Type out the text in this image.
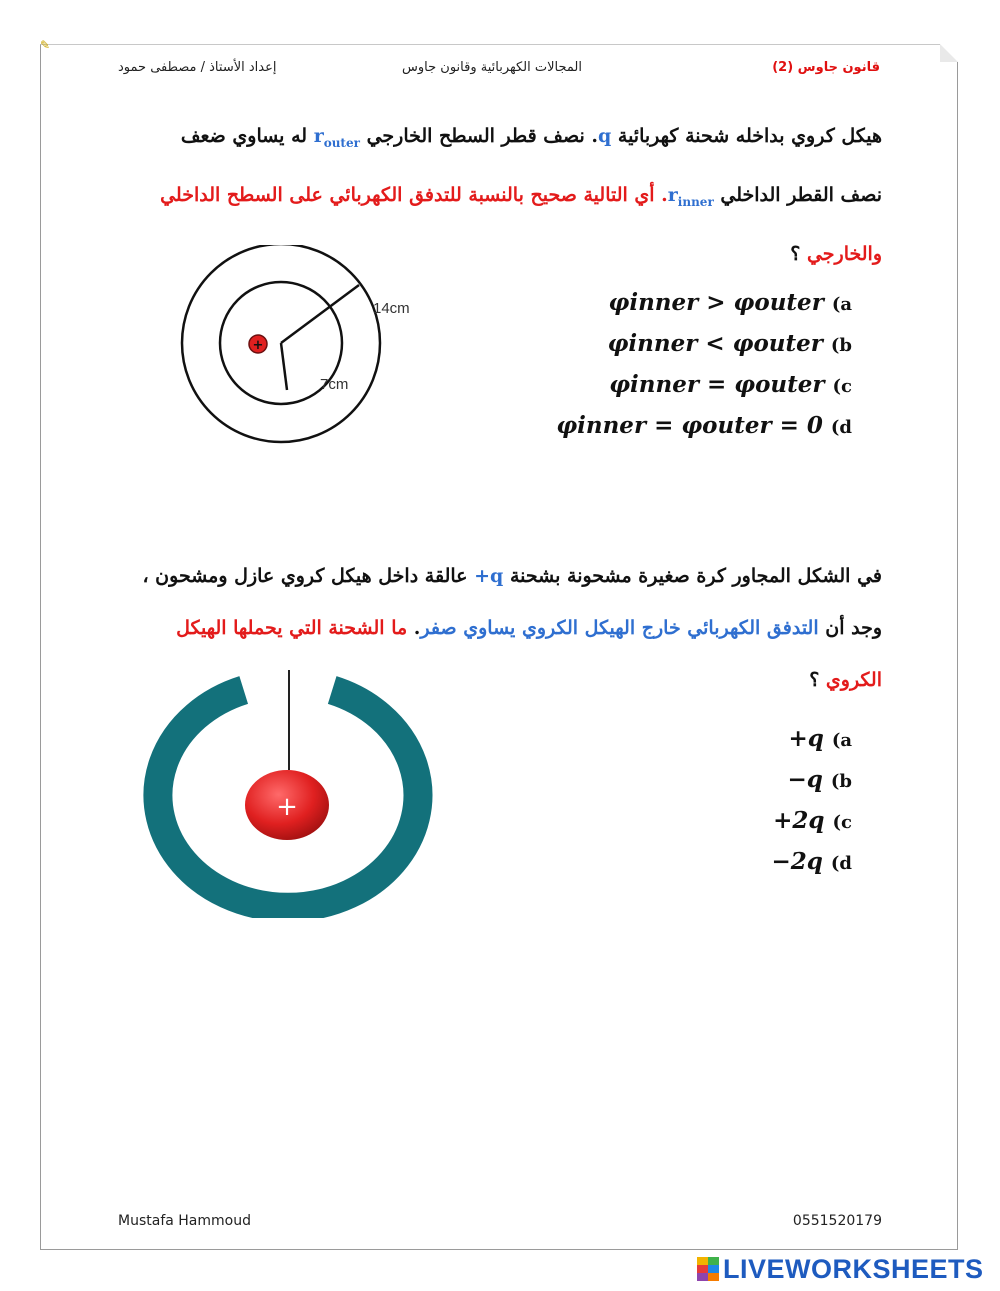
✎
قانون جاوس (2)
المجالات الكهربائية وقانون جاوس
إعداد الأستاذ / مصطفى حمود
هيكل كروي بداخله شحنة كهربائية q. نصف قطر السطح الخارجي $r_{outer}$ له يساوي ضعف
نصف القطر الداخلي $r_{inner}$. أي التالية صحيح بالنسبة للتدفق الكهربائي على السطح الداخلي
والخارجي ؟
+
14cm
7cm
φinner > φouter (a
φinner < φouter (b
φinner = φouter (c
φinner = φouter = 0 (d
في الشكل المجاور كرة صغيرة مشحونة بشحنة +q عالقة داخل هيكل كروي عازل ومشحون ،
وجد أن التدفق الكهربائي خارج الهيكل الكروي يساوي صفر. ما الشحنة التي يحملها الهيكل
الكروي ؟
+
+q (a
−q (b
+2q (c
−2q (d
Mustafa Hammoud	0551520179
LIVEWORKSHEETS
